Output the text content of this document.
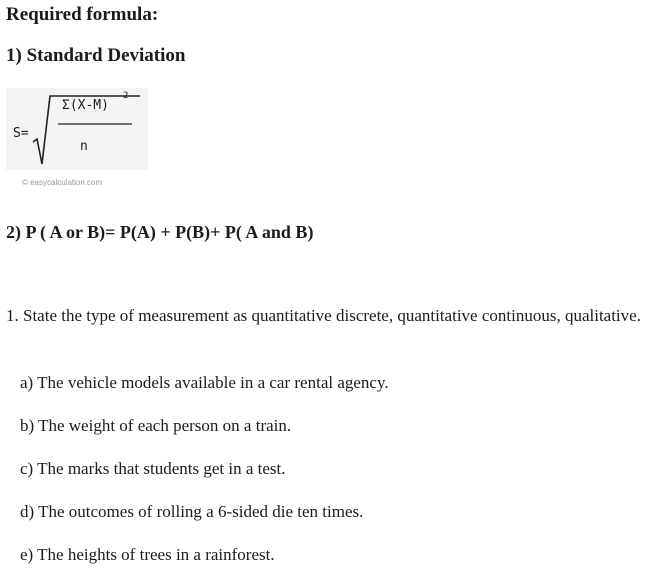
Required formula:
1) Standard Deviation
S=
Σ(X-M)
2
n
© easycalculation.com
2) P ( A or B)= P(A) + P(B)+ P( A and B)
1. State the type of measurement as quantitative discrete, quantitative continuous, qualitative.
a) The vehicle models available in a car rental agency.
b) The weight of each person on a train.
c) The marks that students get in a test.
d) The outcomes of rolling a 6-sided die ten times.
e) The heights of trees in a rainforest.
